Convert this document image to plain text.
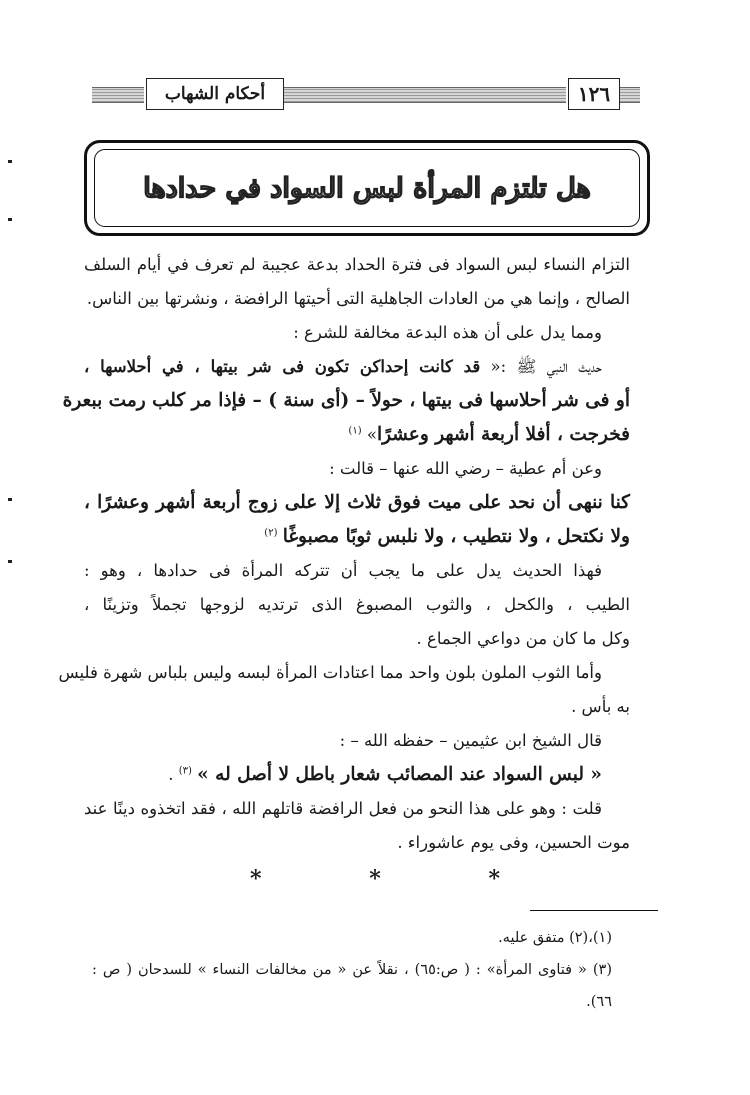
أحكام الشهاب	١٢٦
هل تلتزم المرأة لبس السواد في حدادها
التزام النساء لبس السواد فى فترة الحداد بدعة عجيبة لم تعرف في أيام السلف
الصالح ، وإنما هي من العادات الجاهلية التى أحيتها الرافضة ، ونشرتها بين الناس.
ومما يدل على أن هذه البدعة مخالفة للشرع :
حديث النبي ﷺ :« قد كانت إحداكن تكون فى شر بيتها ، في أحلاسها ،
أو فى شر أحلاسها فى بيتها ، حولاً – (أى سنة ) – فإذا مر كلب رمت ببعرة
فخرجت ، أفلا أربعة أشهر وعشرًا» $^{(١)}$
وعن أم عطية – رضي الله عنها – قالت :
كنا ننهى أن نحد على ميت فوق ثلاث إلا على زوج أربعة أشهر وعشرًا ،
ولا نكتحل ، ولا نتطيب ، ولا نلبس ثوبًا مصبوغًا $^{(٢)}$
فهذا الحديث يدل على ما يجب أن تتركه المرأة فى حدادها ، وهو :
الطيب ، والكحل ، والثوب المصبوغ الذى ترتديه لزوجها تجملاً وتزينًا ،
وكل ما كان من دواعي الجماع .
وأما الثوب الملون بلون واحد مما اعتادات المرأة لبسه وليس بلباس شهرة فليس
به بأس .
قال الشيخ ابن عثيمين – حفظه الله – :
« لبس السواد عند المصائب شعار باطل لا أصل له » $^{(٣)}$ .
قلت : وهو على هذا النحو من فعل الرافضة قاتلهم الله ، فقد اتخذوه دينًا عند
موت الحسين، وفى يوم عاشوراء .
*	*	*
(١)،(٢) متفق عليه.
(٣) « فتاوى المرأة» : ( ص:٦٥) ، نقلاً عن « من مخالفات النساء » للسدحان ( ص :
٦٦).
